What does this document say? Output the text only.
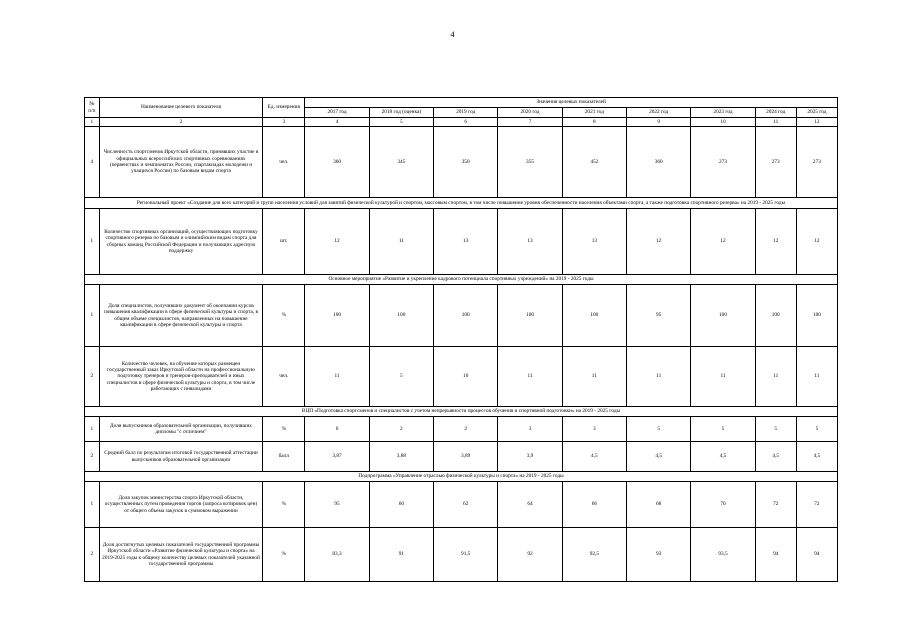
4
№ п/п	Наименование целевого показателя	Ед. измерения	Значения целевых показателей								
			2017 год	2018 год (оценка)	2019 год	2020 год	2021 год	2022 год	2023 год	2024 год	2025 год
1	2	3	4	5	6	7	8	9	10	11	12
4	Численность спортсменов Иркутской области, принявших участие в официальных всероссийских спортивных соревнованиях (первенствах и чемпионатах России, спартакиадах молодежи и учащихся России) по базовым видам спорта	чел.	360	345	350	355	452	360	273	273	273
Региональный проект «Создание для всех категорий и групп населения условий для занятий физической культурой и спортом, массовым спортом, в том числе повышение уровня обеспеченности населения объектами спорта, а также подготовка спортивного резерва» на 2019 - 2025 годы											
1	Количество спортивных организаций, осуществляющих подготовку спортивного резерва по базовым и олимпийским видам спорта для сборных команд Российской Федерации и получающих адресную поддержку	шт.	12	11	13	13	13	12	12	12	12
Основное мероприятие «Развитие и укрепление кадрового потенциала спортивных учреждений» на 2019 - 2025 годы											
1	Доля специалистов, получивших документ об окончании курсов повышения квалификации в сфере физической культуры и спорта, в общем объеме специалистов, направленных на повышение квалификации в сфере физической культуры и спорта	%	100	100	100	100	100	95	100	100	100
2	Количество человек, на обучение которых размещен государственный заказ Иркутской области на профессиональную подготовку тренеров и тренеров-преподавателей и иных специалистов в сфере физической культуры и спорта, в том числе работающих с инвалидами	чел.	11	5	10	11	11	11	11	11	11
ВЦП «Подготовка спортсменов и специалистов с учетом непрерывности процессов обучения и спортивной подготовки» на 2019 - 2025 годы											
1	Доля выпускников образовательной организации, получивших дипломы "с отличием"	%	0	2	2	3	3	5	5	5	5
2	Средний балл по результатам итоговой государственной аттестации выпускников образовательной организации	балл	3,87	3,88	3,89	3,9	4,5	4,5	4,5	4,5	4,5
Подпрограмма «Управление отраслью физической культуры и спорта» на 2019 - 2025 годы											
1	Доля закупок министерства спорта Иркутской области, осуществленных путем проведения торгов (запроса котировок цен) от общего объема закупок в суммовом выражении	%	95	60	62	64	66	68	70	72	72
2	Доля достигнутых целевых показателей государственной программы Иркутской области «Развитие физической культуры и спорта» на 2019-2025 годы к общему количеству целевых показателей указанной государственной программы	%	83,3	91	91,5	92	92,5	93	93,5	94	94
